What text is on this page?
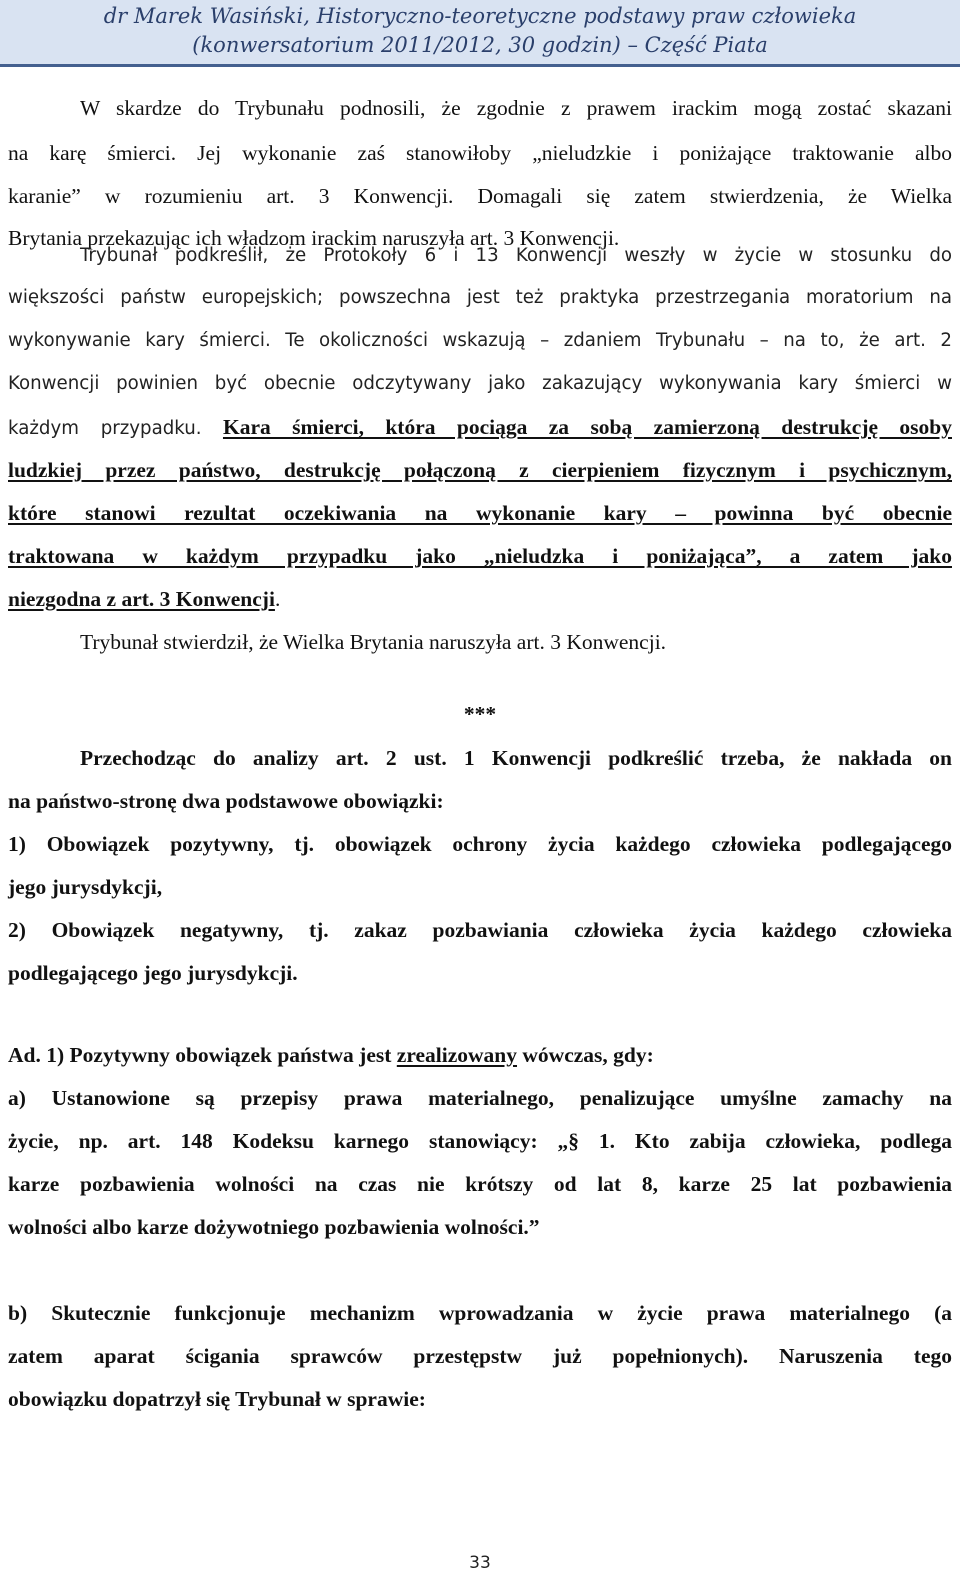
dr Marek Wasiński, Historyczno-teoretyczne podstawy praw człowieka
(konwersatorium 2011/2012, 30 godzin) – Część Piata
W skardze do Trybunału podnosili, że zgodnie z prawem irackim mogą zostać skazani
na karę śmierci. Jej wykonanie zaś stanowiłoby „nieludzkie i poniżające traktowanie albo
karanie” w rozumieniu art. 3 Konwencji. Domagali się zatem stwierdzenia, że Wielka
Brytania przekazując ich władzom irackim naruszyła art. 3 Konwencji.
Trybunał podkreślił, że Protokoły 6 i 13 Konwencji weszły w życie w stosunku do
większości państw europejskich; powszechna jest też praktyka przestrzegania moratorium na
wykonywanie kary śmierci. Te okoliczności wskazują – zdaniem Trybunału – na to, że art. 2
Konwencji powinien być obecnie odczytywany jako zakazujący wykonywania kary śmierci w
każdym przypadku. Kara śmierci, która pociąga za sobą zamierzoną destrukcję osoby
ludzkiej przez państwo, destrukcję połączoną z cierpieniem fizycznym i psychicznym,
które stanowi rezultat oczekiwania na wykonanie kary – powinna być obecnie
traktowana w każdym przypadku jako „nieludzka i poniżająca”, a zatem jako
niezgodna z art. 3 Konwencji.
Trybunał stwierdził, że Wielka Brytania naruszyła art. 3 Konwencji.
***
Przechodząc do analizy art. 2 ust. 1 Konwencji podkreślić trzeba, że nakłada on
na państwo-stronę dwa podstawowe obowiązki:
1) Obowiązek pozytywny, tj. obowiązek ochrony życia każdego człowieka podlegającego
jego jurysdykcji,
2) Obowiązek negatywny, tj. zakaz pozbawiania człowieka życia każdego człowieka
podlegającego jego jurysdykcji.
Ad. 1) Pozytywny obowiązek państwa jest zrealizowany wówczas, gdy:
a) Ustanowione są przepisy prawa materialnego, penalizujące umyślne zamachy na
życie, np. art. 148 Kodeksu karnego stanowiący: „§ 1. Kto zabija człowieka, podlega
karze pozbawienia wolności na czas nie krótszy od lat 8, karze 25 lat pozbawienia
wolności albo karze dożywotniego pozbawienia wolności.”
b) Skutecznie funkcjonuje mechanizm wprowadzania w życie prawa materialnego (a
zatem aparat ścigania sprawców przestępstw już popełnionych). Naruszenia tego
obowiązku dopatrzył się Trybunał w sprawie:
33
